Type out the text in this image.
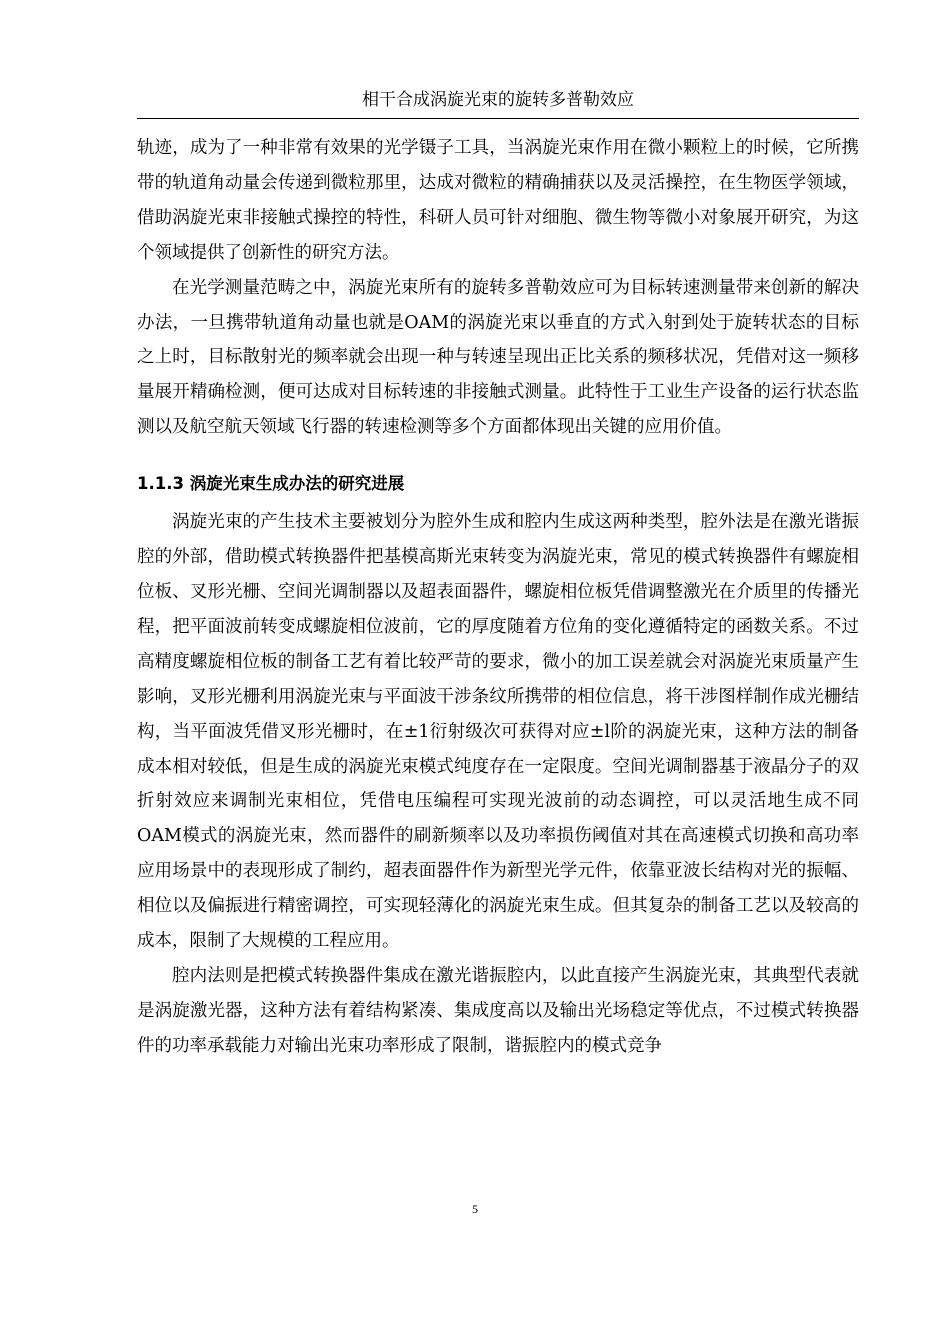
相干合成涡旋光束的旋转多普勒效应

轨迹，成为了一种非常有效果的光学镊子工具，当涡旋光束作用在微小颗粒上的时候，它所携带的轨道角动量会传递到微粒那里，达成对微粒的精确捕获以及灵活操控，在生物医学领域，借助涡旋光束非接触式操控的特性，科研人员可针对细胞、微生物等微小对象展开研究，为这个领域提供了创新性的研究方法。

在光学测量范畴之中，涡旋光束所有的旋转多普勒效应可为目标转速测量带来创新的解决办法，一旦携带轨道角动量也就是OAM的涡旋光束以垂直的方式入射到处于旋转状态的目标之上时，目标散射光的频率就会出现一种与转速呈现出正比关系的频移状况，凭借对这一频移量展开精确检测，便可达成对目标转速的非接触式测量。此特性于工业生产设备的运行状态监测以及航空航天领域飞行器的转速检测等多个方面都体现出关键的应用价值。

1.1.3 涡旋光束生成办法的研究进展

涡旋光束的产生技术主要被划分为腔外生成和腔内生成这两种类型，腔外法是在激光谐振腔的外部，借助模式转换器件把基模高斯光束转变为涡旋光束，常见的模式转换器件有螺旋相位板、叉形光栅、空间光调制器以及超表面器件，螺旋相位板凭借调整激光在介质里的传播光程，把平面波前转变成螺旋相位波前，它的厚度随着方位角的变化遵循特定的函数关系。不过高精度螺旋相位板的制备工艺有着比较严苛的要求，微小的加工误差就会对涡旋光束质量产生影响，叉形光栅利用涡旋光束与平面波干涉条纹所携带的相位信息，将干涉图样制作成光栅结构，当平面波凭借叉形光栅时，在±1衍射级次可获得对应±l阶的涡旋光束，这种方法的制备成本相对较低，但是生成的涡旋光束模式纯度存在一定限度。空间光调制器基于液晶分子的双折射效应来调制光束相位，凭借电压编程可实现光波前的动态调控，可以灵活地生成不同OAM模式的涡旋光束，然而器件的刷新频率以及功率损伤阈值对其在高速模式切换和高功率应用场景中的表现形成了制约，超表面器件作为新型光学元件，依靠亚波长结构对光的振幅、相位以及偏振进行精密调控，可实现轻薄化的涡旋光束生成。但其复杂的制备工艺以及较高的成本，限制了大规模的工程应用。

腔内法则是把模式转换器件集成在激光谐振腔内，以此直接产生涡旋光束，其典型代表就是涡旋激光器，这种方法有着结构紧凑、集成度高以及输出光场稳定等优点，不过模式转换器件的功率承载能力对输出光束功率形成了限制，谐振腔内的模式竞争

5
